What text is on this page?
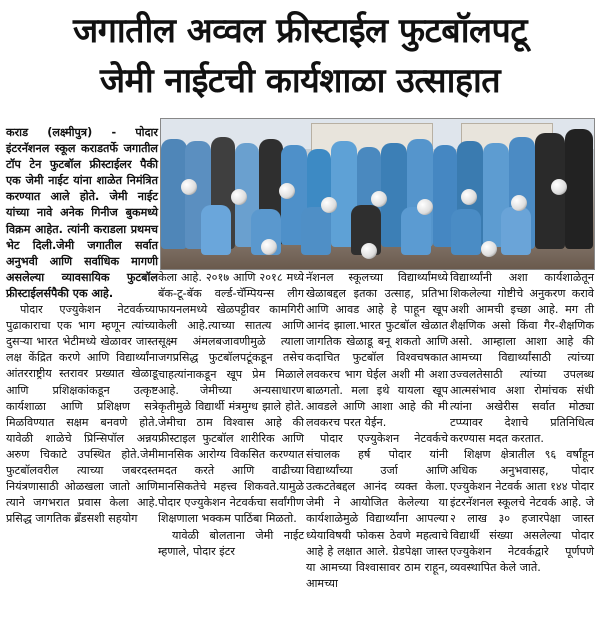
जगातील अव्वल फ्रीस्टाईल फुटबॉलपटू
जेमी नाईटची कार्यशाळा उत्साहात

कराड (लक्ष्मीपुत्र) - पोदार इंटरनॅशनल स्कूल कराडतर्फे जगातील टॉप टेन फुटबॉल फ्रीस्टाईलर पैकी एक जेमी नाईट यांना शाळेत निमंत्रित करण्यात आले होते. जेमी नाईट यांच्या नावे अनेक गिनीज बुकमध्ये विक्रम आहेत. त्यांनी कराडला प्रथमच भेट दिली.जेमी जगातील सर्वात अनुभवी आणि सर्वाधिक मागणी असलेल्या व्यावसायिक फुटबॉल फ्रीस्टाईलर्सपैकी एक आहे.

पोदार एज्युकेशन नेटवर्कच्या पुढाकाराचा एक भाग म्हणून त्यांच्या दुसऱ्या भारत भेटीमध्ये खेळावर जास्त लक्ष केंद्रित करणे आणि विद्यार्थ्यांना आंतरराष्ट्रीय स्तरावर प्रख्यात खेळाडू आणि प्रशिक्षकांकडून उत्कृष्ट कार्यशाळा आणि प्रशिक्षण सत्रे मिळविण्यात सक्षम बनवणे होते. यावेळी शाळेचे प्रिन्सिपॉल अन्नय अरुण चिकाटे उपस्थित होते.जेमी फुटबॉलवरील त्याच्या जबरदस्त नियंत्रणासाठी ओळखला जातो आणि त्याने जगभरात प्रवास केला आहे. प्रसिद्ध जागतिक ब्रँडसशी सहयोग

केला आहे. २०१७ आणि २०१८ मध्ये बॅक-टू-बॅक वर्ल्ड-चॅम्पियन्स लीग फायनलमध्ये खेळपट्टीवर कामगिरी केली आहे.त्याच्या सातत्य आणि सूक्ष्म अंमलबजावणीमुळे त्याला जगप्रसिद्ध फुटबॉलपटूंकडून तसेच चाहत्यांनाकडून खूप प्रेम मिळाले आहे. जेमीच्या अन्यसाधारण कृतीमुळे विद्यार्थी मंत्रमुग्ध झाले होते. जेमीचा ठाम विश्वास आहे की फ्रीस्टाइल फुटबॉल शारीरिक आणि मानसिक आरोग्य विकसित करण्यात मदत करते आणि वाढीच्या मानसिकतेचे महत्त्व शिकवते.यामुळे पोदार एज्युकेशन नेटवर्कचा सर्वांगीण शिक्षणाला भक्कम पाठिंबा मिळतो.

यावेळी बोलताना जेमी नाईट म्हणाले, पोदार इंटर

नॅशनल स्कूलच्या विद्यार्थ्यांमध्ये खेळाबद्दल इतका उत्साह, प्रतिभा आणि आवड आहे हे पाहून खूप आनंद झाला.भारत फुटबॉल खेळात जागतिक खेळाडू बनू शकतो आणि कदाचित फुटबॉल विश्वचषकात लवकरच भाग घेईल अशी मी अशा बाळगतो. मला इथे यायला खूप आवडले आणि आशा आहे की मी लवकरच परत येईन.

पोदार एज्युकेशन नेटवर्कचे संचालक हर्ष पोदार यांनी विद्यार्थ्यांच्या उर्जा आणि उत्कटतेबद्दल आनंद व्यक्त केला. जेमी ने आयोजित केलेल्या या कार्यशाळेमुळे विद्यार्थ्यांना आपल्या ध्येयाविषयी फोकस ठेवणे महत्वाचे आहे हे लक्षात आले. ग्रेडपेक्षा जास्त या आमच्या विश्वासावर ठाम राहून, आमच्या

विद्यार्थ्यांनी अशा कार्यशाळेतून शिकलेल्या गोष्टीचे अनुकरण करावे अशी आमची इच्छा आहे. मग ती शैक्षणिक असो किंवा गैर-शैक्षणिक असो. आम्हाला आशा आहे की आमच्या विद्यार्थ्यांसाठी त्यांच्या उज्वलतेसाठी त्यांच्या उपलब्ध आत्मसंभाव अशा रोमांचक संधी त्यांना अखेरीस सर्वात मोठ्या टप्प्यावर देशाचे प्रतिनिधित्व करण्यास मदत करतात.

शिक्षण क्षेत्रातील ९६ वर्षांहून अधिक अनुभवासह, पोदार एज्युकेशन नेटवर्क आता १४४ पोदार इंटरनॅशनल स्कूलचे नेटवर्क आहे. जे २ लाख ३० हजारपेक्षा जास्त विद्यार्थी संख्या असलेल्या पोदार एज्युकेशन नेटवर्कद्वारे पूर्णपणे व्यवस्थापित केले जाते.
